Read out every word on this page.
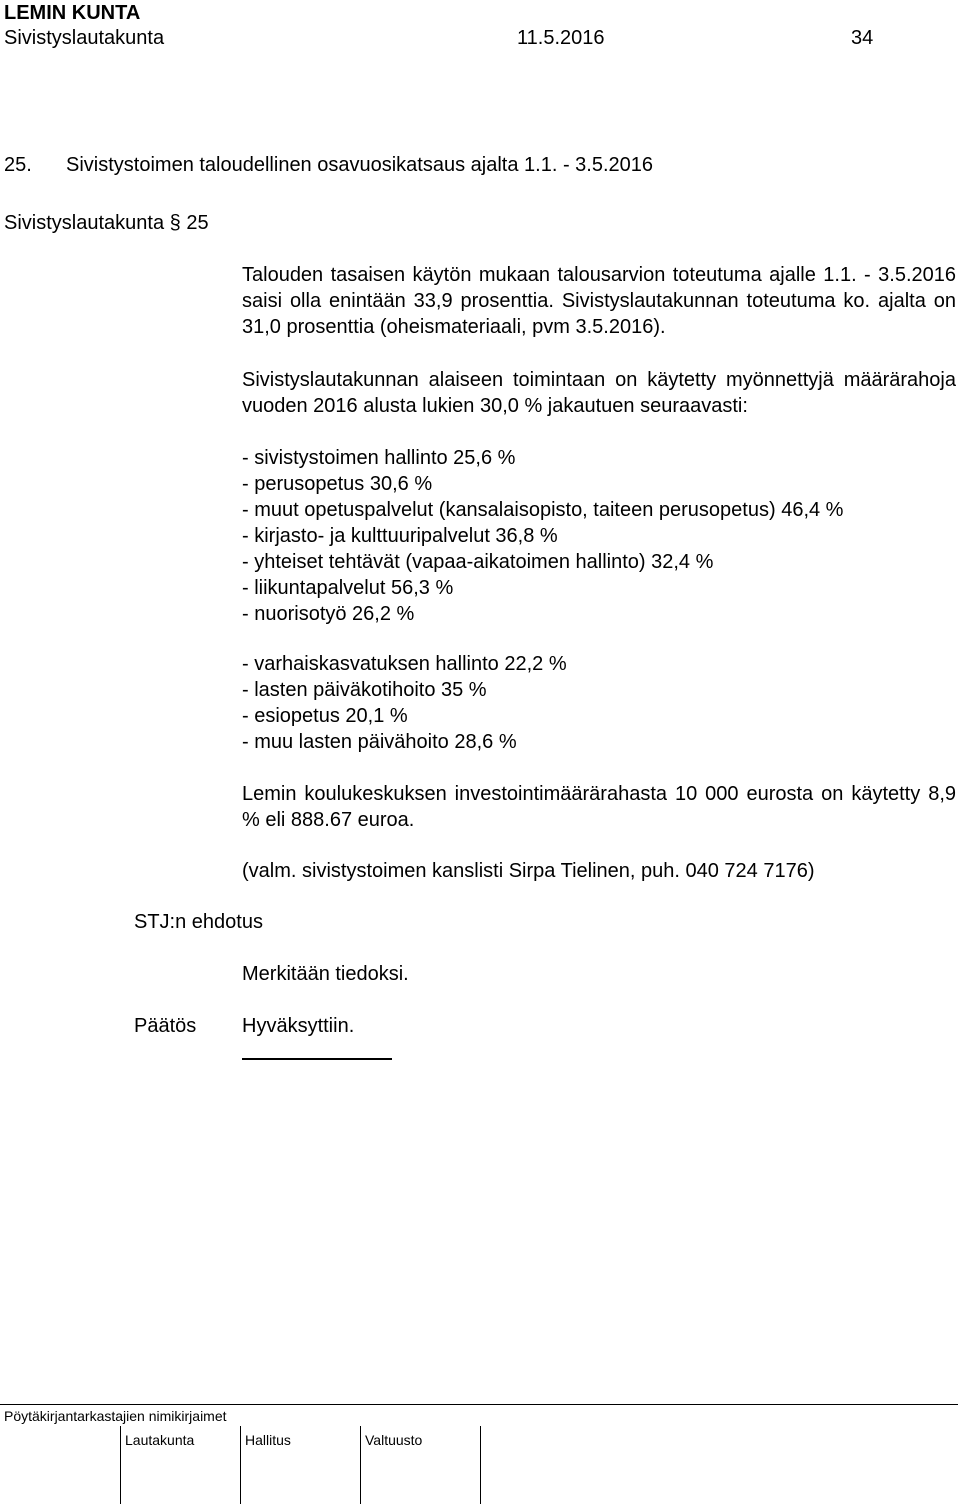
LEMIN KUNTA
Sivistyslautakunta	11.5.2016	34
25. Sivistystoimen taloudellinen osavuosikatsaus ajalta 1.1. - 3.5.2016
Sivistyslautakunta § 25

Talouden tasaisen käytön mukaan talousarvion toteutuma ajalle 1.1. - 3.5.2016 saisi olla enintään 33,9 prosenttia. Sivistyslautakunnan toteutuma ko. ajalta on 31,0 prosenttia (oheismateriaali, pvm 3.5.2016).

Sivistyslautakunnan alaiseen toimintaan on käytetty myönnettyjä määrärahoja vuoden 2016 alusta lukien 30,0 % jakautuen seuraavasti:

- sivistystoimen hallinto 25,6 %
- perusopetus 30,6 %
- muut opetuspalvelut (kansalaisopisto, taiteen perusopetus) 46,4 %
- kirjasto- ja kulttuuripalvelut 36,8 %
- yhteiset tehtävät (vapaa-aikatoimen hallinto) 32,4 %
- liikuntapalvelut 56,3 %
- nuorisotyö 26,2 %
- varhaiskasvatuksen hallinto 22,2 %
- lasten päiväkotihoito 35 %
- esiopetus 20,1 %
- muu lasten päivähoito 28,6 %

Lemin koulukeskuksen investointimäärärahasta 10 000 eurosta on käytetty 8,9 % eli 888.67 euroa.

(valm. sivistystoimen kanslisti Sirpa Tielinen, puh. 040 724 7176)

STJ:n ehdotus
Merkitään tiedoksi.
Päätös Hyväksyttiin.
Pöytäkirjantarkastajien nimikirjaimet
Lautakunta	Hallitus	Valtuusto
